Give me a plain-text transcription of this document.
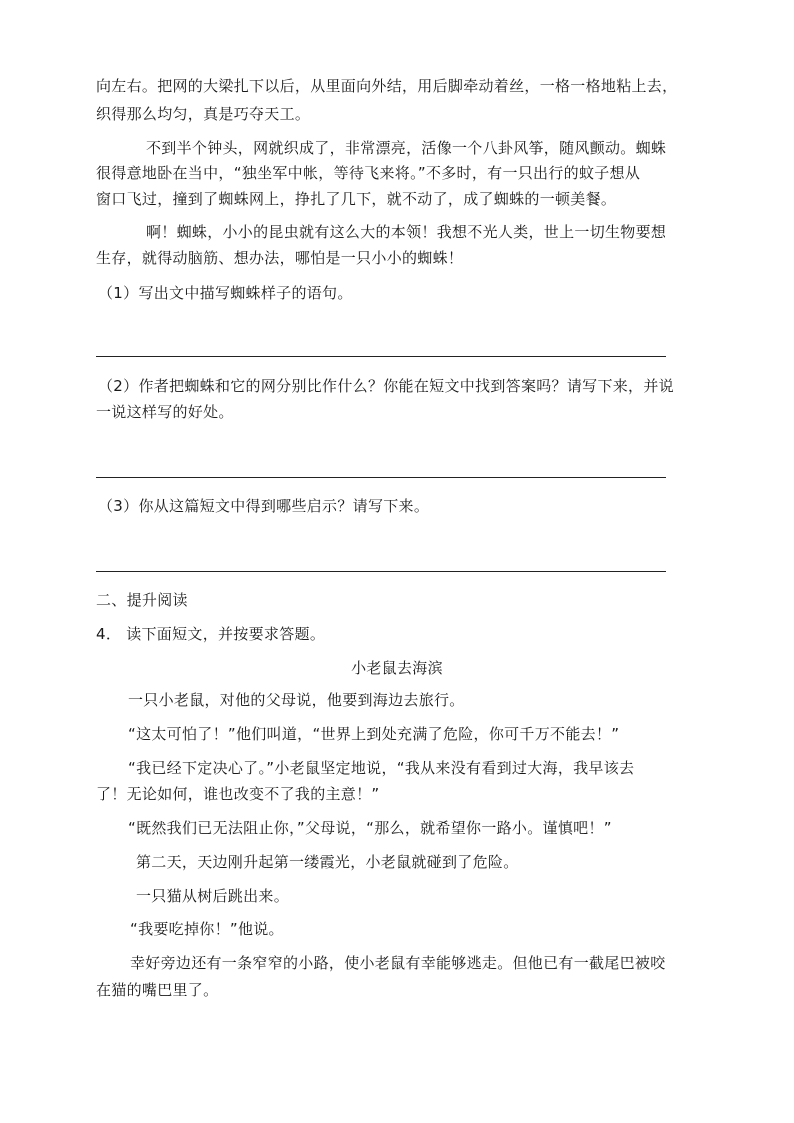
向左右。把网的大梁扎下以后，从里面向外结，用后脚牵动着丝，一格一格地粘上去，

织得那么均匀，真是巧夺天工。

不到半个钟头，网就织成了，非常漂亮，活像一个八卦风筝，随风颤动。蜘蛛

很得意地卧在当中，“独坐军中帐，等待飞来将。”不多时，有一只出行的蚊子想从

窗口飞过，撞到了蜘蛛网上，挣扎了几下，就不动了，成了蜘蛛的一顿美餐。

啊！蜘蛛，小小的昆虫就有这么大的本领！我想不光人类，世上一切生物要想

生存，就得动脑筋、想办法，哪怕是一只小小的蜘蛛！

（1）写出文中描写蜘蛛样子的语句。

（2）作者把蜘蛛和它的网分别比作什么？你能在短文中找到答案吗？请写下来，并说

一说这样写的好处。

（3）你从这篇短文中得到哪些启示？请写下来。

二、提升阅读

4． 读下面短文，并按要求答题。

小老鼠去海滨

一只小老鼠，对他的父母说，他要到海边去旅行。

“这太可怕了！”他们叫道，“世界上到处充满了危险，你可千万不能去！”

“我已经下定决心了。”小老鼠坚定地说，“我从来没有看到过大海，我早该去

了！无论如何，谁也改变不了我的主意！”

“既然我们已无法阻止你，”父母说，“那么，就希望你一路小。谨慎吧！”

第二天，天边刚升起第一缕霞光，小老鼠就碰到了危险。

一只猫从树后跳出来。

“我要吃掉你！”他说。

幸好旁边还有一条窄窄的小路，使小老鼠有幸能够逃走。但他已有一截尾巴被咬

在猫的嘴巴里了。
